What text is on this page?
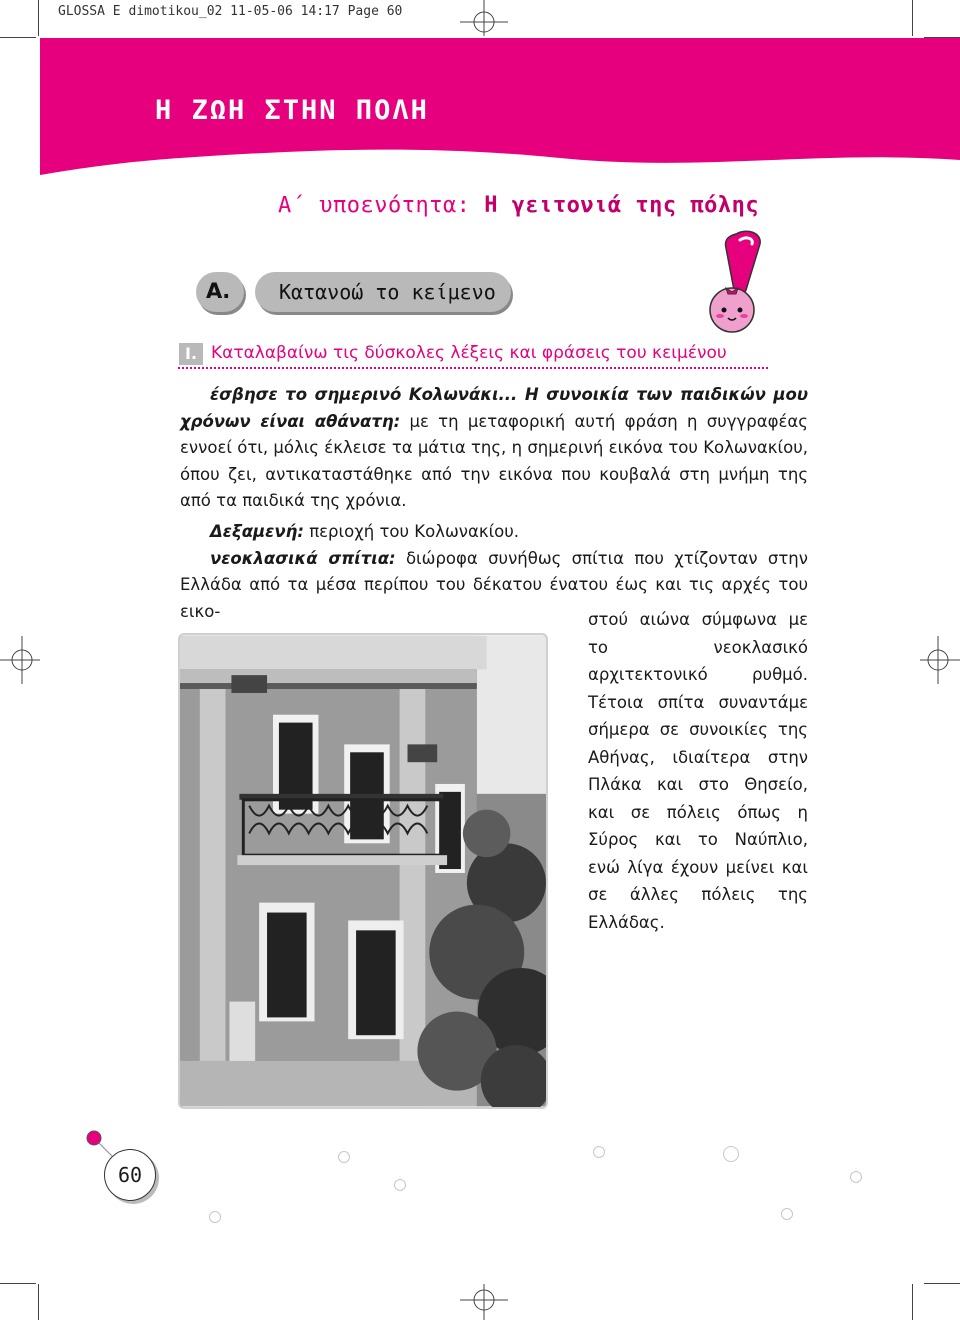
GLOSSA E dimotikou_02 11-05-06 14:17 Page 60
Η ΖΩΗ ΣΤΗΝ ΠΟΛΗ
Α΄ υποενότητα: Η γειτονιά της πόλης
Α. Κατανοώ το κείμενο
Ι. Καταλαβαίνω τις δύσκολες λέξεις και φράσεις του κειμένου
έσβησε το σημερινό Κολωνάκι... Η συνοικία των παιδικών μου χρόνων είναι αθάνατη: με τη μεταφορική αυτή φράση η συγγραφέας εννοεί ότι, μόλις έκλεισε τα μάτια της, η σημερινή εικόνα του Κολωνακίου, όπου ζει, αντικαταστάθηκε από την εικόνα που κουβαλά στη μνήμη της από τα παιδικά της χρόνια.
Δεξαμενή: περιοχή του Κολωνακίου.
νεοκλασικά σπίτια: διώροφα συνήθως σπίτια που χτίζονταν στην Ελλάδα από τα μέσα περίπου του δέκατου ένατου έως και τις αρχές του εικο-	στού αιώνα σύμφωνα με το νεοκλασικό αρχιτεκτονικό ρυθμό. Τέτοια σπίτα συναντάμε σήμερα σε συνοικίες της Αθήνας, ιδιαίτερα στην Πλάκα και στο Θησείο, και σε πόλεις όπως η Σύρος και το Ναύπλιο, ενώ λίγα έχουν μείνει και σε άλλες πόλεις της Ελλάδας.
60
